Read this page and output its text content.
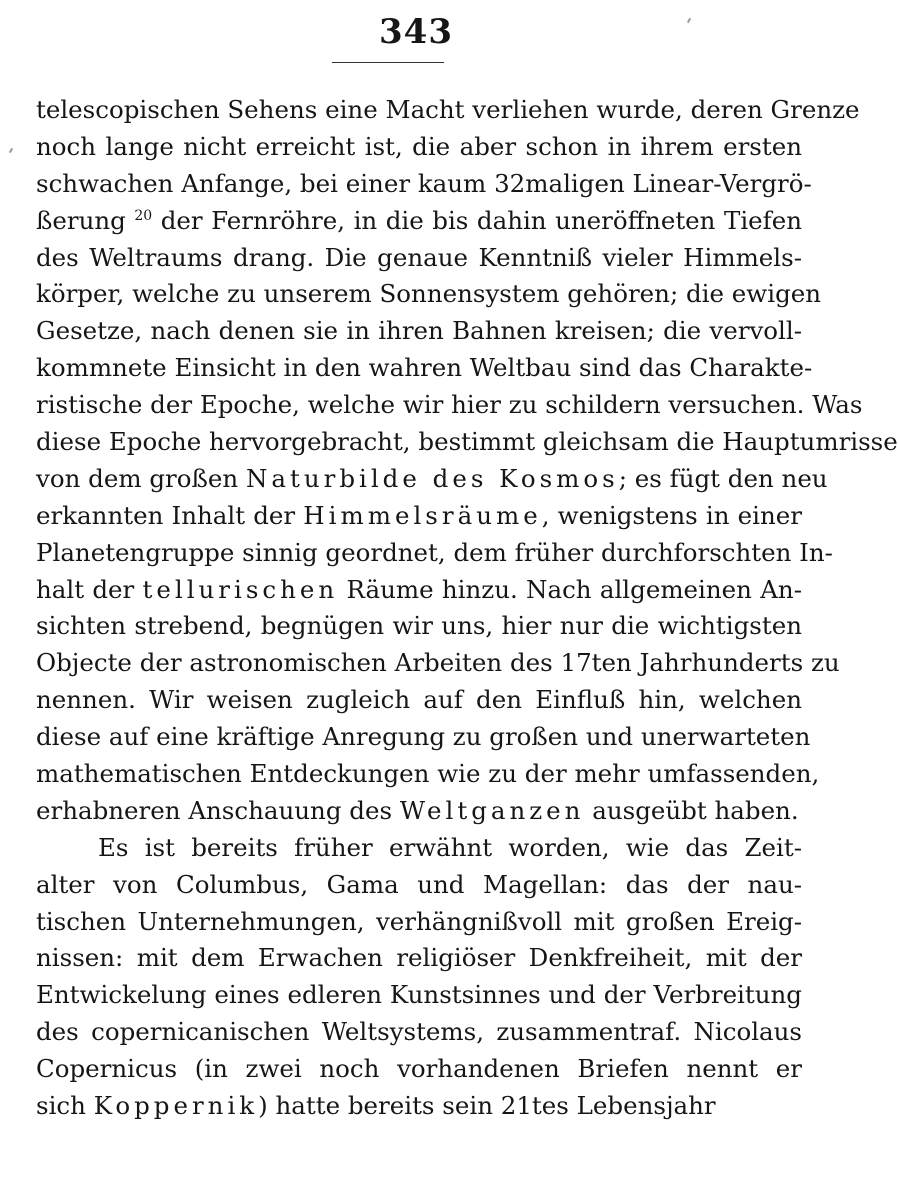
343
telescopischen Sehens eine Macht verliehen wurde, deren Grenze
noch lange nicht erreicht ist, die aber schon in ihrem ersten
schwachen Anfange, bei einer kaum 32maligen Linear-Vergrö-
ßerung $^{20}$ der Fernröhre, in die bis dahin uneröffneten Tiefen
des Weltraums drang. Die genaue Kenntniß vieler Himmels-
körper, welche zu unserem Sonnensystem gehören; die ewigen
Gesetze, nach denen sie in ihren Bahnen kreisen; die vervoll-
kommnete Einsicht in den wahren Weltbau sind das Charakte-
ristische der Epoche, welche wir hier zu schildern versuchen. Was
diese Epoche hervorgebracht, bestimmt gleichsam die Hauptumrisse
von dem großen Naturbilde des Kosmos; es fügt den neu
erkannten Inhalt der Himmelsräume, wenigstens in einer
Planetengruppe sinnig geordnet, dem früher durchforschten In-
halt der tellurischen Räume hinzu. Nach allgemeinen An-
sichten strebend, begnügen wir uns, hier nur die wichtigsten
Objecte der astronomischen Arbeiten des 17ten Jahrhunderts zu
nennen. Wir weisen zugleich auf den Einfluß hin, welchen
diese auf eine kräftige Anregung zu großen und unerwarteten
mathematischen Entdeckungen wie zu der mehr umfassenden,
erhabneren Anschauung des Weltganzen ausgeübt haben.
Es ist bereits früher erwähnt worden, wie das Zeit-
alter von Columbus, Gama und Magellan: das der nau-
tischen Unternehmungen, verhängnißvoll mit großen Ereig-
nissen: mit dem Erwachen religiöser Denkfreiheit, mit der
Entwickelung eines edleren Kunstsinnes und der Verbreitung
des copernicanischen Weltsystems, zusammentraf. Nicolaus
Copernicus (in zwei noch vorhandenen Briefen nennt er
sich Koppernik) hatte bereits sein 21tes Lebensjahr
